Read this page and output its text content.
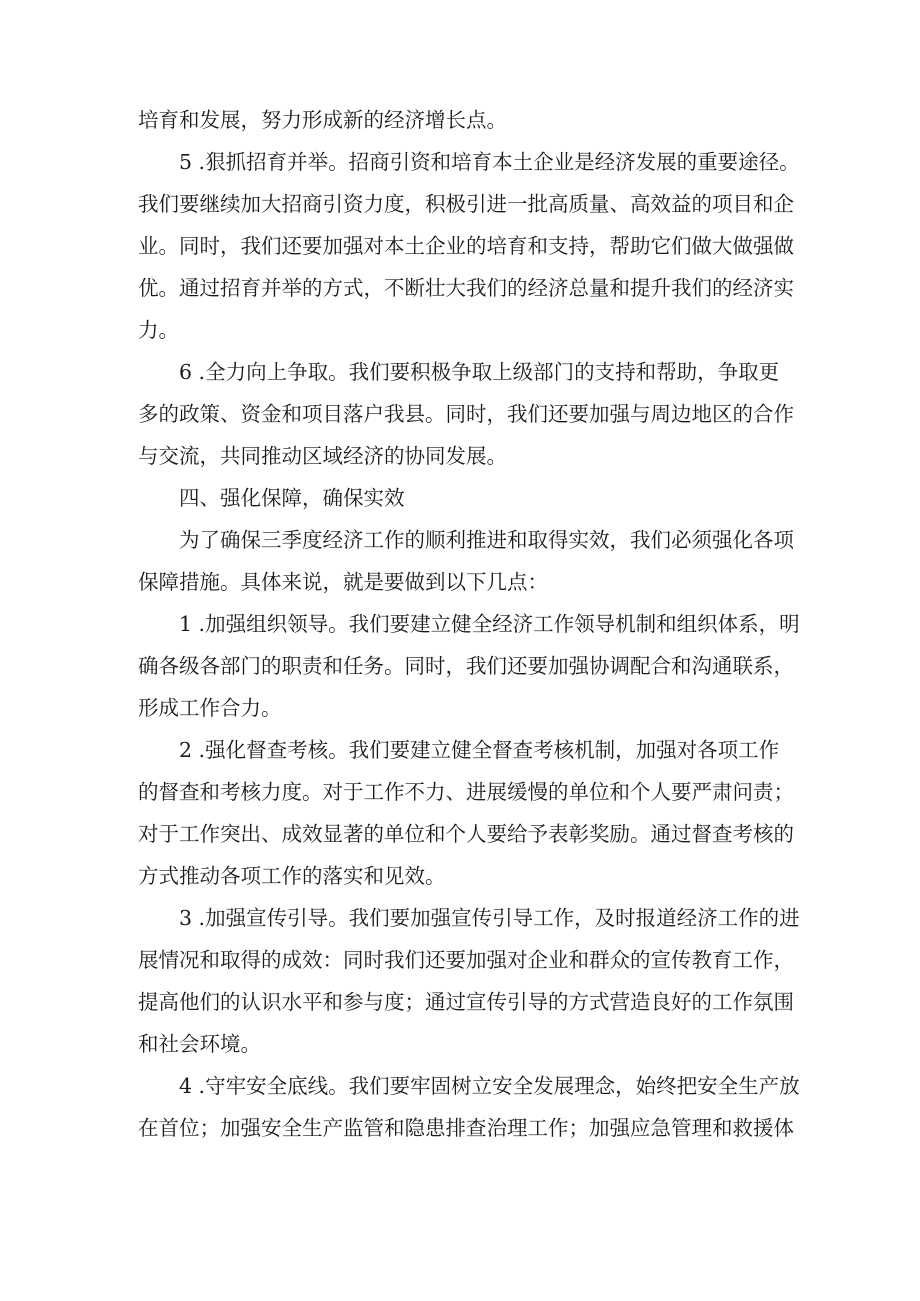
培育和发展，努力形成新的经济增长点。
5 .狠抓招育并举。招商引资和培育本土企业是经济发展的重要途径。
我们要继续加大招商引资力度，积极引进一批高质量、高效益的项目和企
业。同时，我们还要加强对本土企业的培育和支持，帮助它们做大做强做
优。通过招育并举的方式，不断壮大我们的经济总量和提升我们的经济实
力。
6 .全力向上争取。我们要积极争取上级部门的支持和帮助，争取更
多的政策、资金和项目落户我县。同时，我们还要加强与周边地区的合作
与交流，共同推动区域经济的协同发展。
四、强化保障，确保实效
为了确保三季度经济工作的顺利推进和取得实效，我们必须强化各项
保障措施。具体来说，就是要做到以下几点：
1 .加强组织领导。我们要建立健全经济工作领导机制和组织体系，明
确各级各部门的职责和任务。同时，我们还要加强协调配合和沟通联系，
形成工作合力。
2 .强化督查考核。我们要建立健全督查考核机制，加强对各项工作
的督查和考核力度。对于工作不力、进展缓慢的单位和个人要严肃问责；
对于工作突出、成效显著的单位和个人要给予表彰奖励。通过督查考核的
方式推动各项工作的落实和见效。
3 .加强宣传引导。我们要加强宣传引导工作，及时报道经济工作的进
展情况和取得的成效：同时我们还要加强对企业和群众的宣传教育工作，
提高他们的认识水平和参与度；通过宣传引导的方式营造良好的工作氛围
和社会环境。
4 .守牢安全底线。我们要牢固树立安全发展理念，始终把安全生产放
在首位；加强安全生产监管和隐患排查治理工作；加强应急管理和救援体
